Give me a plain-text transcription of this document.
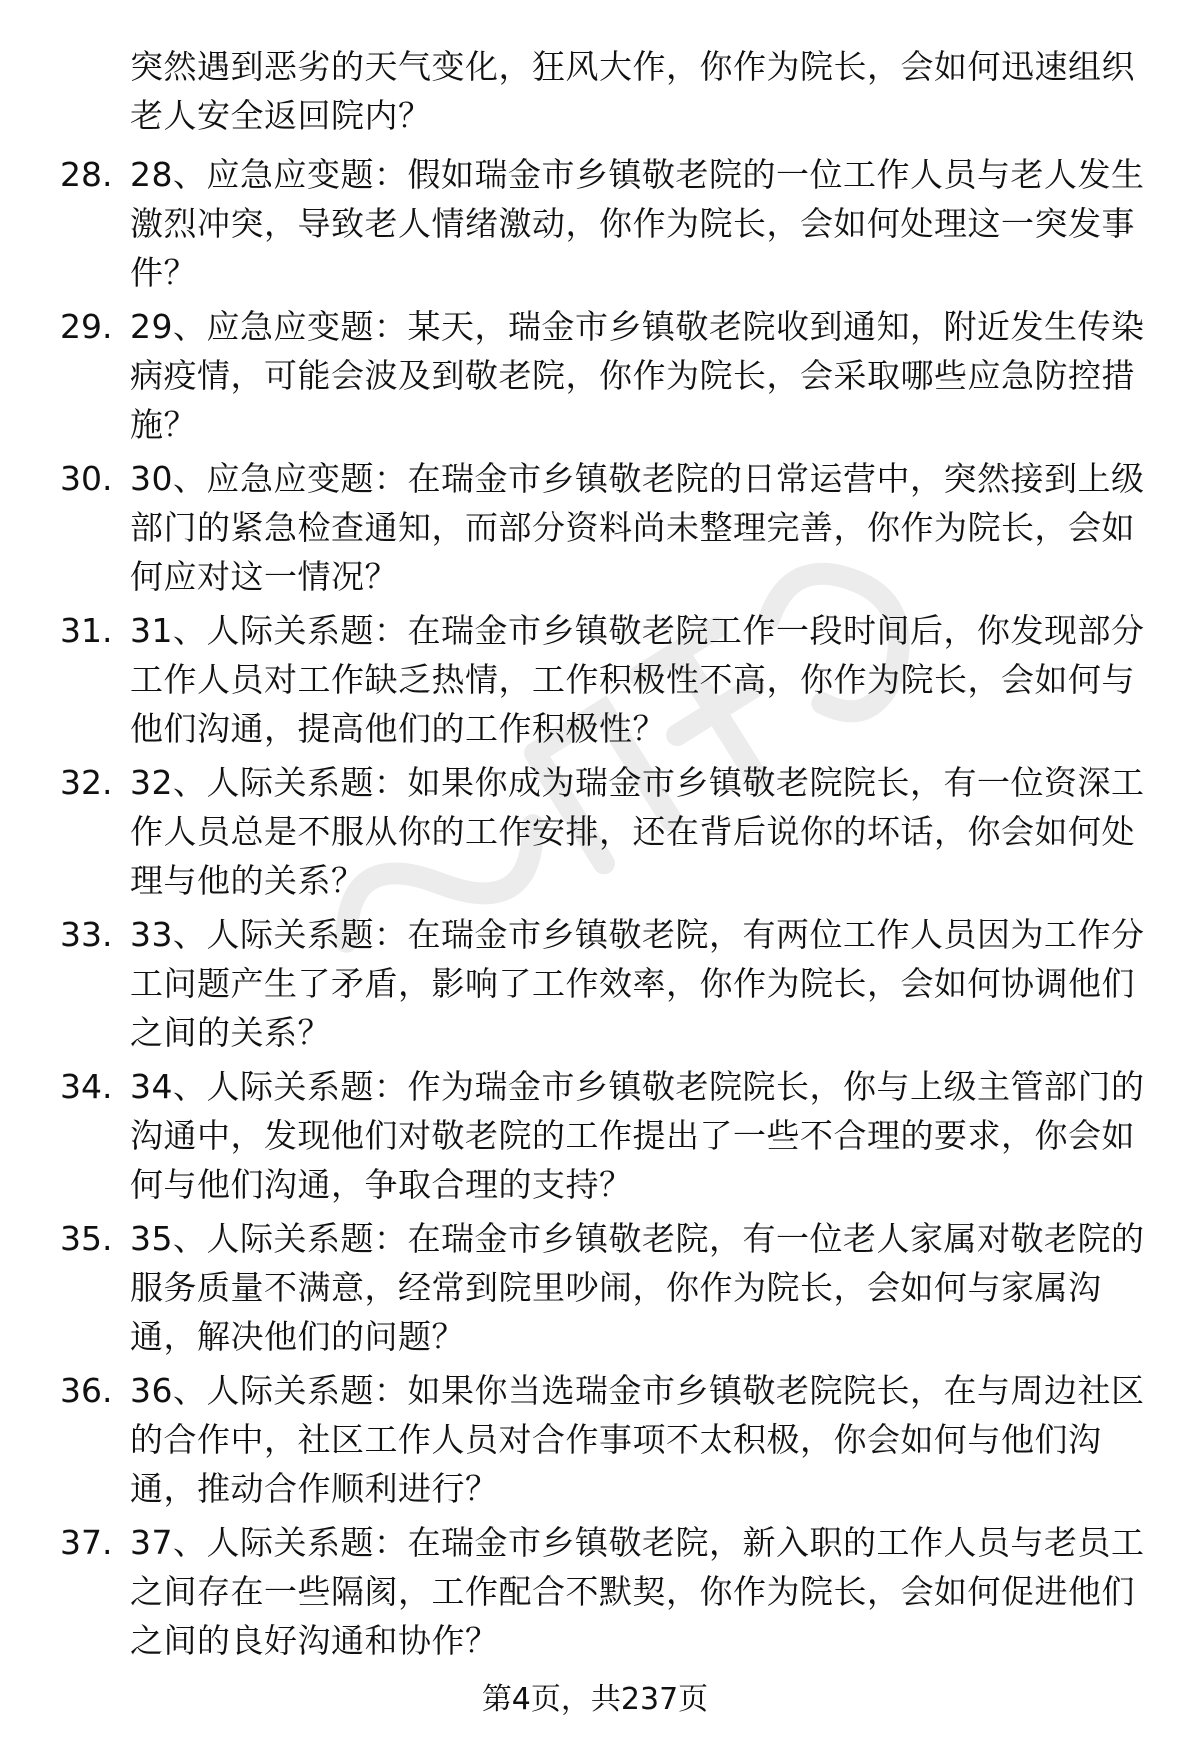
突然遇到恶劣的天气变化，狂风大作，你作为院长，会如何迅速组织老人安全返回院内？
28. 28、应急应变题：假如瑞金市乡镇敬老院的一位工作人员与老人发生激烈冲突，导致老人情绪激动，你作为院长，会如何处理这一突发事件？
29. 29、应急应变题：某天，瑞金市乡镇敬老院收到通知，附近发生传染病疫情，可能会波及到敬老院，你作为院长，会采取哪些应急防控措施？
30. 30、应急应变题：在瑞金市乡镇敬老院的日常运营中，突然接到上级部门的紧急检查通知，而部分资料尚未整理完善，你作为院长，会如何应对这一情况？
31. 31、人际关系题：在瑞金市乡镇敬老院工作一段时间后，你发现部分工作人员对工作缺乏热情，工作积极性不高，你作为院长，会如何与他们沟通，提高他们的工作积极性？
32. 32、人际关系题：如果你成为瑞金市乡镇敬老院院长，有一位资深工作人员总是不服从你的工作安排，还在背后说你的坏话，你会如何处理与他的关系？
33. 33、人际关系题：在瑞金市乡镇敬老院，有两位工作人员因为工作分工问题产生了矛盾，影响了工作效率，你作为院长，会如何协调他们之间的关系？
34. 34、人际关系题：作为瑞金市乡镇敬老院院长，你与上级主管部门的沟通中，发现他们对敬老院的工作提出了一些不合理的要求，你会如何与他们沟通，争取合理的支持？
35. 35、人际关系题：在瑞金市乡镇敬老院，有一位老人家属对敬老院的服务质量不满意，经常到院里吵闹，你作为院长，会如何与家属沟通，解决他们的问题？
36. 36、人际关系题：如果你当选瑞金市乡镇敬老院院长，在与周边社区的合作中，社区工作人员对合作事项不太积极，你会如何与他们沟通，推动合作顺利进行？
37. 37、人际关系题：在瑞金市乡镇敬老院，新入职的工作人员与老员工之间存在一些隔阂，工作配合不默契，你作为院长，会如何促进他们之间的良好沟通和协作？
第4页，共237页
